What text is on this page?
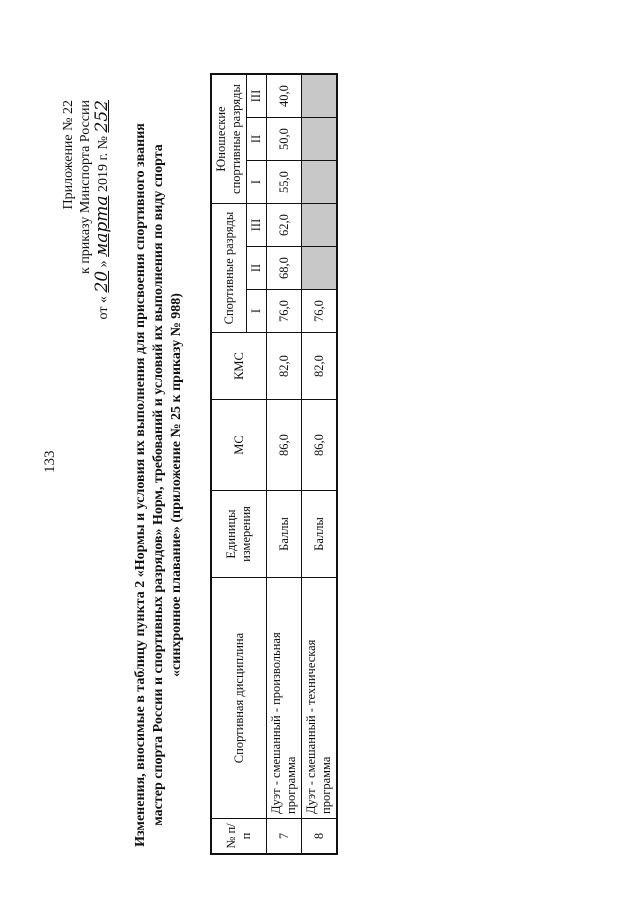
133
Приложение № 22 к приказу Минспорта России
от « 20 » марта 2019 г. № 252
Изменения, вносимые в таблицу пункта 2 «Нормы и условия их выполнения для присвоения спортивного звания мастер спорта России и спортивных разрядов» Норм, требований и условий их выполнения по виду спорта «синхронное плавание» (приложение № 25 к приказу № 988)
№ п/п	Спортивная дисциплина	Единицы измерения	МС	КМС	Спортивные разряды			Юношеские спортивные разряды		
					I	II	III	I	II	III
7	Дуэт - смешанный - произвольная программа	Баллы	86,0	82,0	76,0	68,0	62,0	55,0	50,0	40,0
8	Дуэт - смешанный - техническая программа	Баллы	86,0	82,0	76,0					
